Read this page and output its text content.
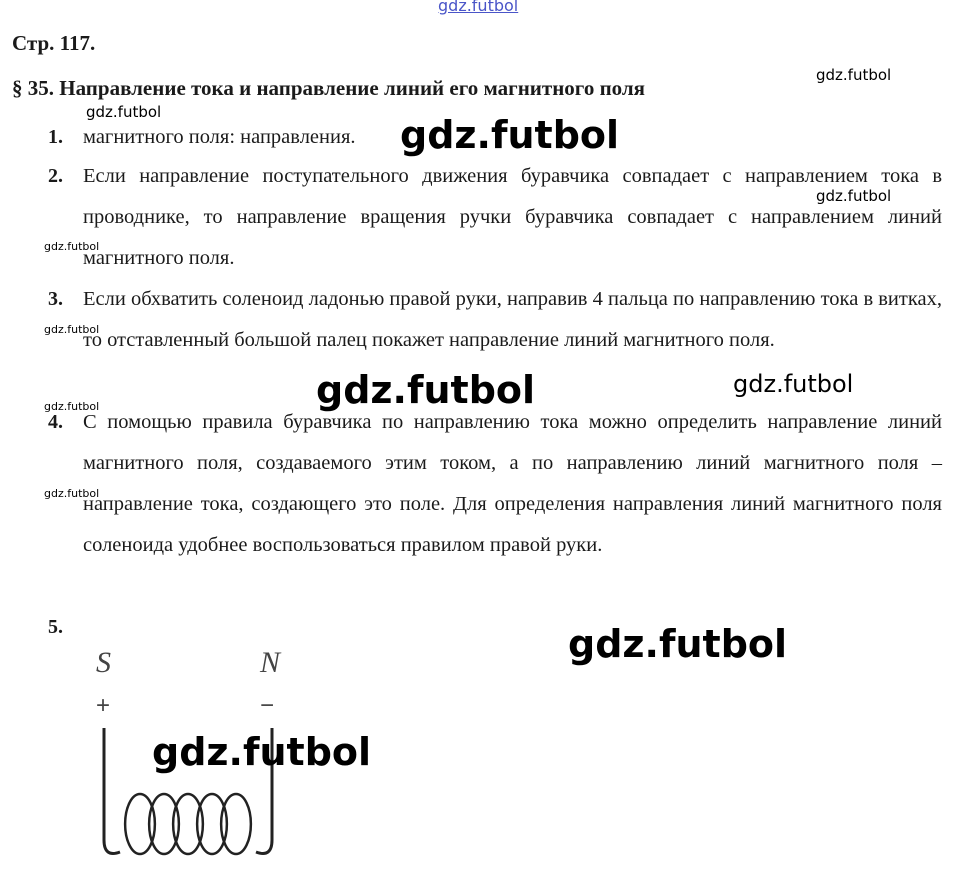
Стр. 117.
§ 35. Направление тока и направление линий его магнитного поля
1. магнитного поля: направления.
2. Если направление поступательного движения буравчика совпадает с направлением тока в проводнике, то направление вращения ручки буравчика совпадает с направлением линий магнитного поля.
3. Если обхватить соленоид ладонью правой руки, направив 4 пальца по направлению тока в витках, то отставленный большой палец покажет направление линий магнитного поля.
4. С помощью правила буравчика по направлению тока можно определить направление линий магнитного поля, создаваемого этим током, а по направлению линий магнитного поля – направление тока, создающего это поле. Для определения направления линий магнитного поля соленоида удобнее воспользоваться правилом правой руки.
5.
S	N
+	−
gdz.futbol
gdz.futbol
gdz.futbol
gdz.futbol
gdz.futbol
gdz.futbol
gdz.futbol
gdz.futbol	gdz.futbol
gdz.futbol
gdz.futbol
gdz.futbol
gdz.futbol
